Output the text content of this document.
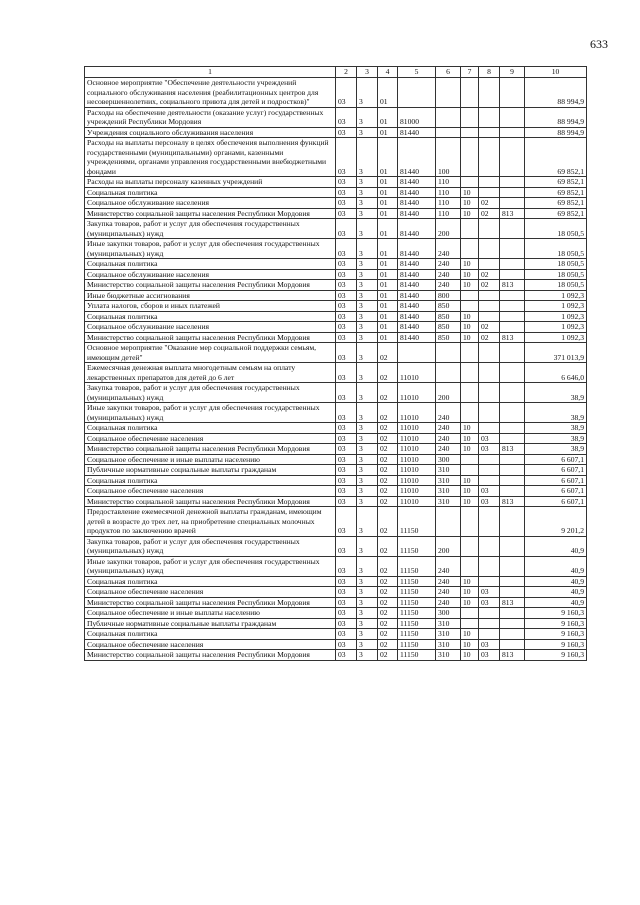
633
1	2	3	4	5	6	7	8	9	10
Основное мероприятие "Обеспечение деятельности учреждений социального обслуживания населения (реабилитационных центров для несовершеннолетних, социального приюта для детей и подростков)"	03	3	01						88 994,9
Расходы на обеспечение деятельности (оказание услуг) государственных учреждений Республики Мордовия	03	3	01	81000					88 994,9
Учреждения социального обслуживания населения	03	3	01	81440					88 994,9
Расходы на выплаты персоналу в целях обеспечения выполнения функций государственными (муниципальными) органами, казенными учреждениями, органами управления государственными внебюджетными фондами	03	3	01	81440	100				69 852,1
Расходы на выплаты персоналу казенных учреждений	03	3	01	81440	110				69 852,1
Социальная политика	03	3	01	81440	110	10			69 852,1
Социальное обслуживание населения	03	3	01	81440	110	10	02		69 852,1
Министерство социальной защиты населения Республики Мордовия	03	3	01	81440	110	10	02	813	69 852,1
Закупка товаров, работ и услуг для обеспечения государственных (муниципальных) нужд	03	3	01	81440	200				18 050,5
Иные закупки товаров, работ и услуг для обеспечения государственных (муниципальных) нужд	03	3	01	81440	240				18 050,5
Социальная политика	03	3	01	81440	240	10			18 050,5
Социальное обслуживание населения	03	3	01	81440	240	10	02		18 050,5
Министерство социальной защиты населения Республики Мордовия	03	3	01	81440	240	10	02	813	18 050,5
Иные бюджетные ассигнования	03	3	01	81440	800				1 092,3
Уплата налогов, сборов и иных платежей	03	3	01	81440	850				1 092,3
Социальная политика	03	3	01	81440	850	10			1 092,3
Социальное обслуживание населения	03	3	01	81440	850	10	02		1 092,3
Министерство социальной защиты населения Республики Мордовия	03	3	01	81440	850	10	02	813	1 092,3
Основное мероприятие "Оказание мер социальной поддержки семьям, имеющим детей"	03	3	02						371 013,9
Ежемесячная денежная выплата многодетным семьям на оплату лекарственных препаратов для детей до 6 лет	03	3	02	11010					6 646,0
Закупка товаров, работ и услуг для обеспечения государственных (муниципальных) нужд	03	3	02	11010	200				38,9
Иные закупки товаров, работ и услуг для обеспечения государственных (муниципальных) нужд	03	3	02	11010	240				38,9
Социальная политика	03	3	02	11010	240	10			38,9
Социальное обеспечение населения	03	3	02	11010	240	10	03		38,9
Министерство социальной защиты населения Республики Мордовия	03	3	02	11010	240	10	03	813	38,9
Социальное обеспечение и иные выплаты населению	03	3	02	11010	300				6 607,1
Публичные нормативные социальные выплаты гражданам	03	3	02	11010	310				6 607,1
Социальная политика	03	3	02	11010	310	10			6 607,1
Социальное обеспечение населения	03	3	02	11010	310	10	03		6 607,1
Министерство социальной защиты населения Республики Мордовия	03	3	02	11010	310	10	03	813	6 607,1
Предоставление ежемесячной денежной выплаты гражданам, имеющим детей в возрасте до трех лет, на приобретение специальных молочных продуктов по заключению врачей	03	3	02	11150					9 201,2
Закупка товаров, работ и услуг для обеспечения государственных (муниципальных) нужд	03	3	02	11150	200				40,9
Иные закупки товаров, работ и услуг для обеспечения государственных (муниципальных) нужд	03	3	02	11150	240				40,9
Социальная политика	03	3	02	11150	240	10			40,9
Социальное обеспечение населения	03	3	02	11150	240	10	03		40,9
Министерство социальной защиты населения Республики Мордовия	03	3	02	11150	240	10	03	813	40,9
Социальное обеспечение и иные выплаты населению	03	3	02	11150	300				9 160,3
Публичные нормативные социальные выплаты гражданам	03	3	02	11150	310				9 160,3
Социальная политика	03	3	02	11150	310	10			9 160,3
Социальное обеспечение населения	03	3	02	11150	310	10	03		9 160,3
Министерство социальной защиты населения Республики Мордовия	03	3	02	11150	310	10	03	813	9 160,3
